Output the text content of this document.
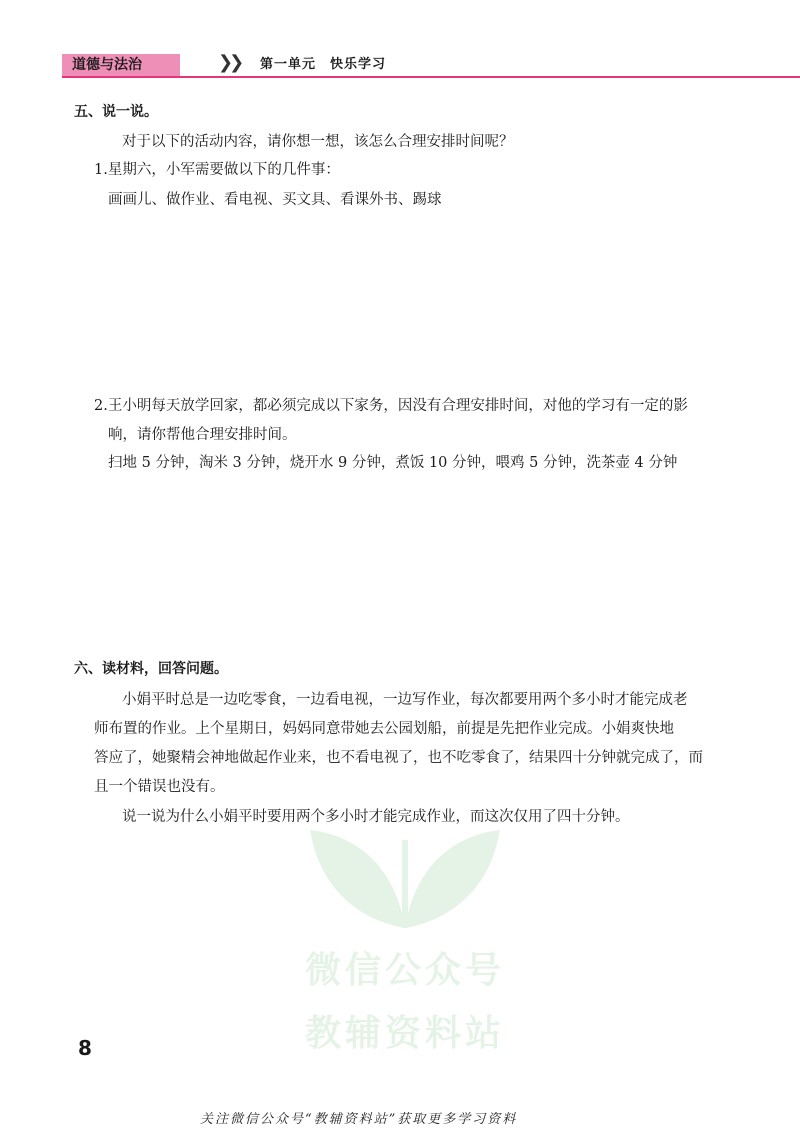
道德与法治	❯❯ 第一单元 快乐学习
五、说一说。
对于以下的活动内容，请你想一想，该怎么合理安排时间呢？
1.星期六，小军需要做以下的几件事：
画画儿、做作业、看电视、买文具、看课外书、踢球
2.王小明每天放学回家，都必须完成以下家务，因没有合理安排时间，对他的学习有一定的影
响，请你帮他合理安排时间。
扫地 5 分钟，淘米 3 分钟，烧开水 9 分钟，煮饭 10 分钟，喂鸡 5 分钟，洗茶壶 4 分钟
六、读材料，回答问题。
小娟平时总是一边吃零食，一边看电视，一边写作业，每次都要用两个多小时才能完成老
师布置的作业。上个星期日，妈妈同意带她去公园划船，前提是先把作业完成。小娟爽快地
答应了，她聚精会神地做起作业来，也不看电视了，也不吃零食了，结果四十分钟就完成了，而
且一个错误也没有。
说一说为什么小娟平时要用两个多小时才能完成作业，而这次仅用了四十分钟。
微信公众号
教辅资料站
8
关注微信公众号“教辅资料站”获取更多学习资料
